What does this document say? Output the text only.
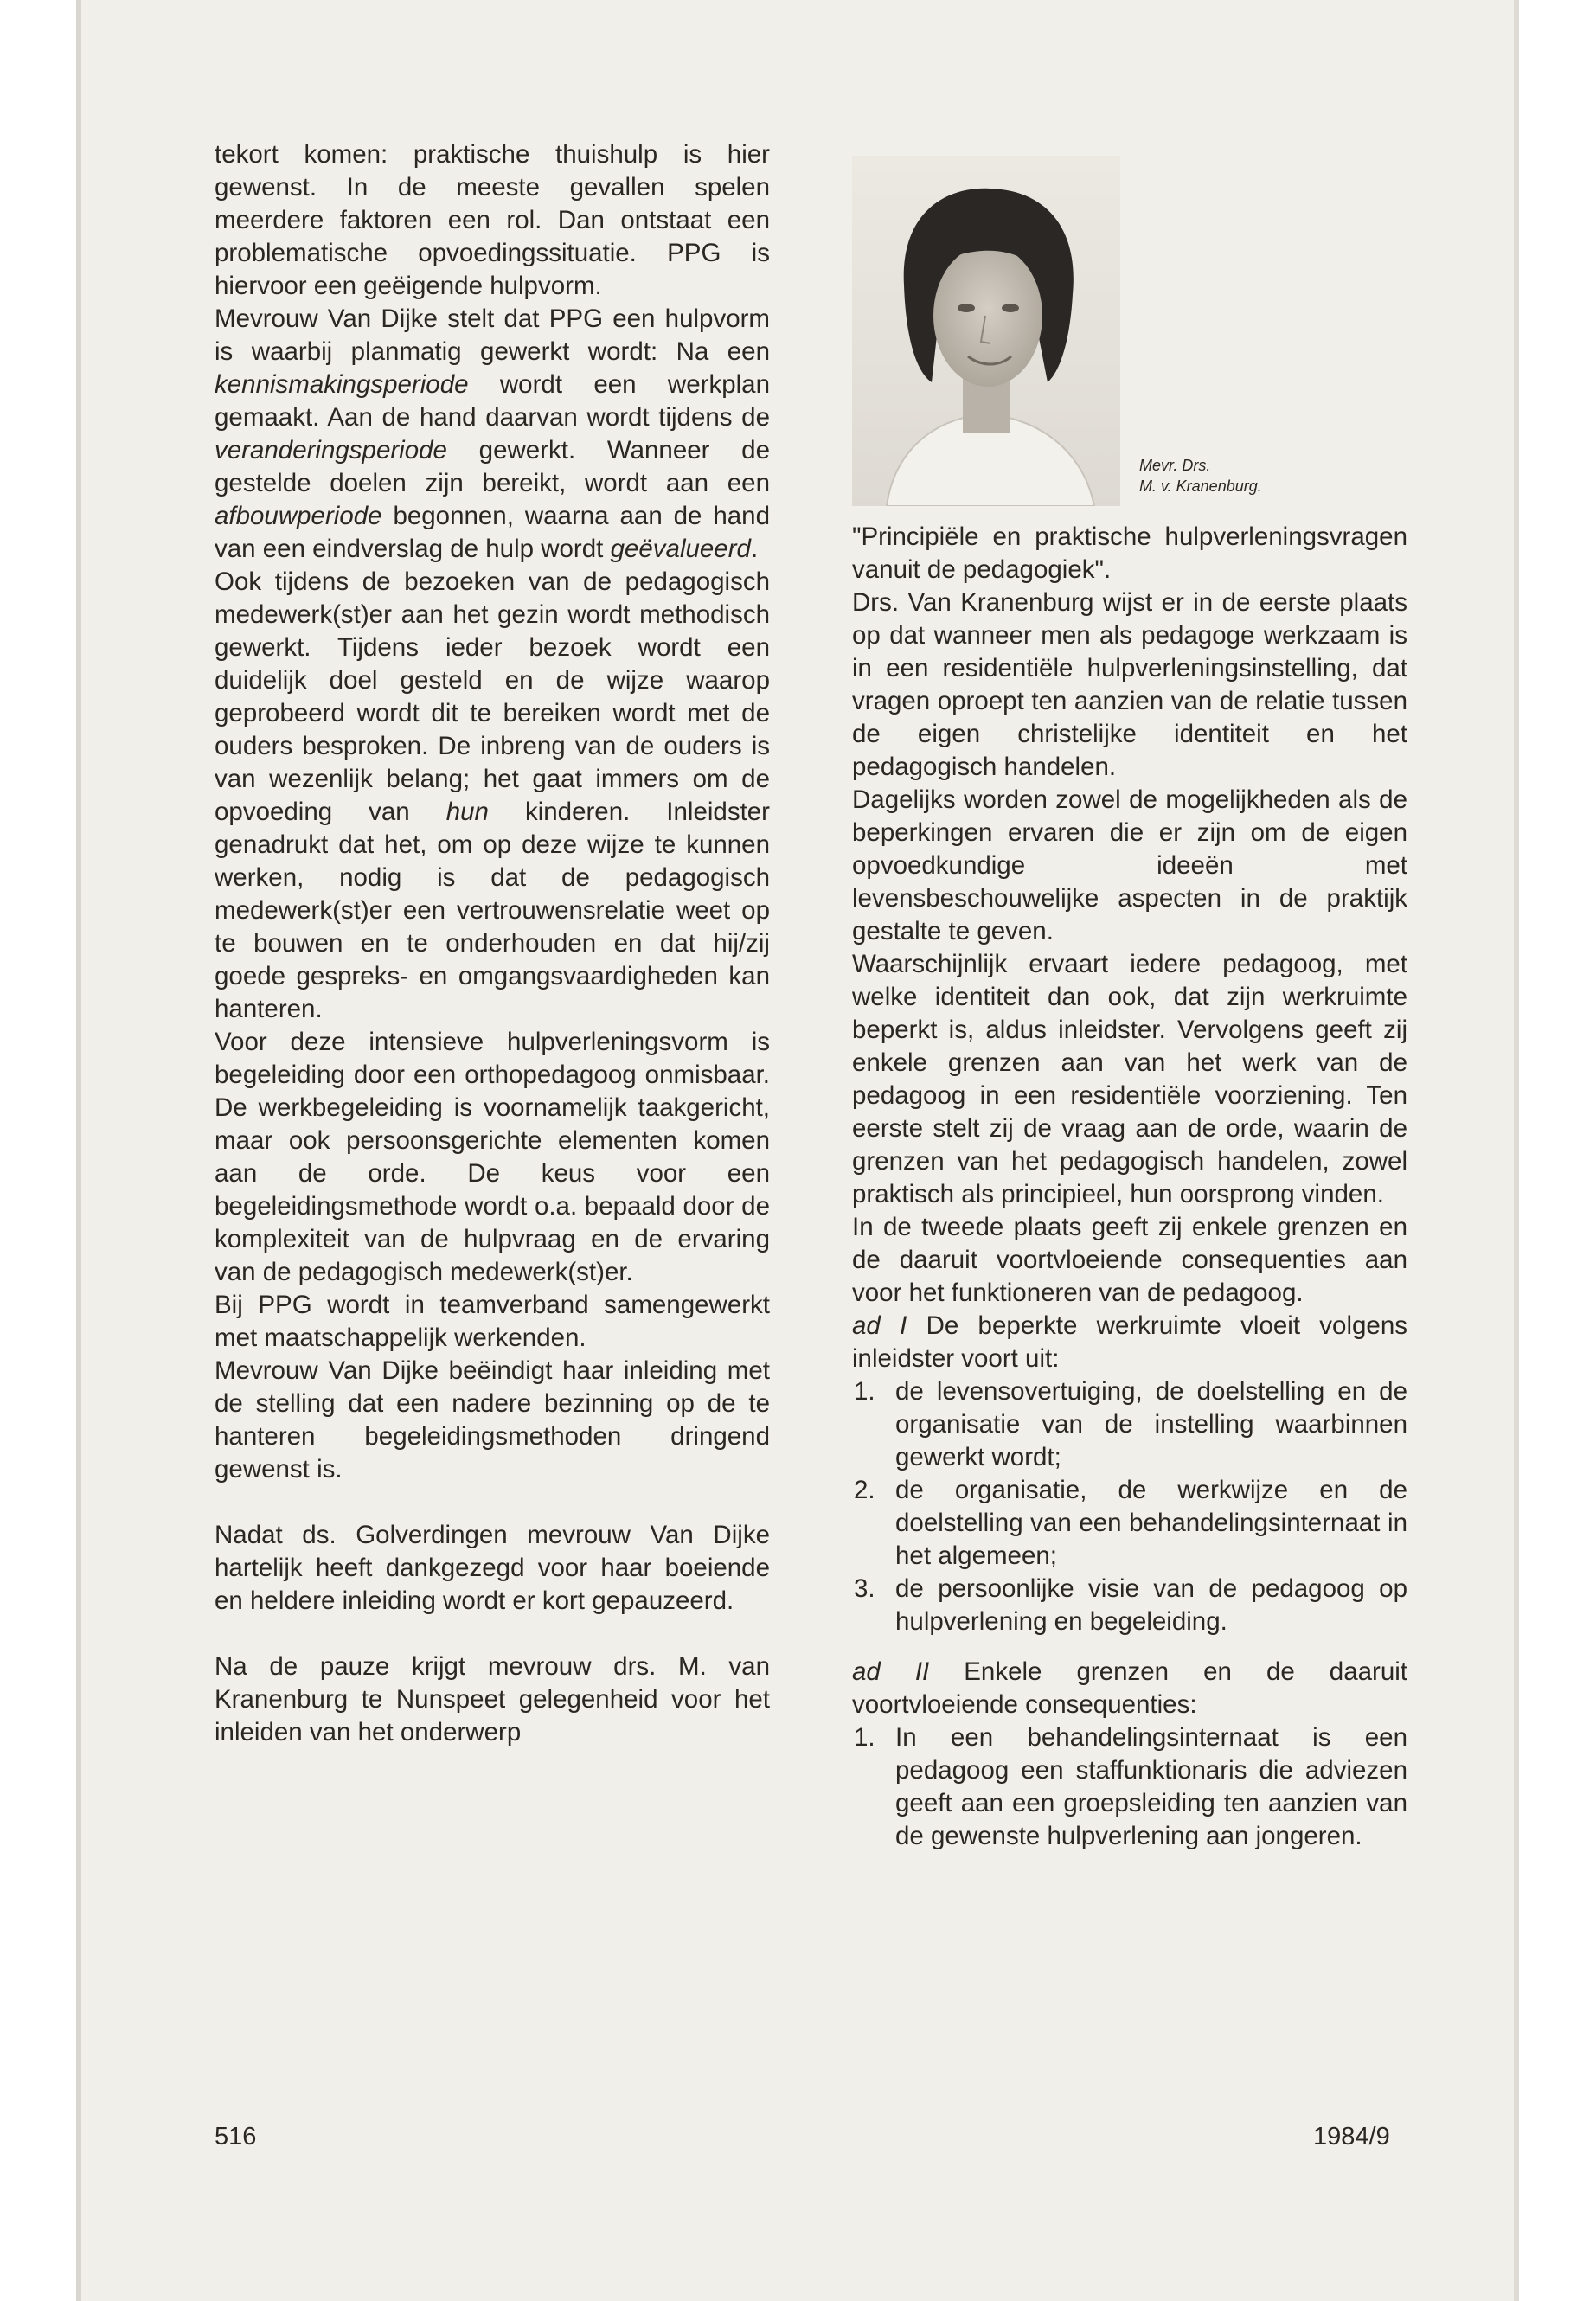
tekort komen: praktische thuishulp is hier gewenst. In de meeste gevallen spelen meerdere faktoren een rol. Dan ontstaat een problematische opvoedingssituatie. PPG is hiervoor een geëigende hulpvorm.

Mevrouw Van Dijke stelt dat PPG een hulpvorm is waarbij planmatig gewerkt wordt: Na een kennismakingsperiode wordt een werkplan gemaakt. Aan de hand daarvan wordt tijdens de veranderingsperiode gewerkt. Wanneer de gestelde doelen zijn bereikt, wordt aan een afbouwperiode begonnen, waarna aan de hand van een eindverslag de hulp wordt geëvalueerd.

Ook tijdens de bezoeken van de pedagogisch medewerk(st)er aan het gezin wordt methodisch gewerkt. Tijdens ieder bezoek wordt een duidelijk doel gesteld en de wijze waarop geprobeerd wordt dit te bereiken wordt met de ouders besproken. De inbreng van de ouders is van wezenlijk belang; het gaat immers om de opvoeding van hun kinderen. Inleidster genadrukt dat het, om op deze wijze te kunnen werken, nodig is dat de pedagogisch medewerk(st)er een vertrouwensrelatie weet op te bouwen en te onderhouden en dat hij/zij goede gespreks- en omgangsvaardigheden kan hanteren.

Voor deze intensieve hulpverleningsvorm is begeleiding door een orthopedagoog onmisbaar. De werkbegeleiding is voornamelijk taakgericht, maar ook persoonsgerichte elementen komen aan de orde. De keus voor een begeleidingsmethode wordt o.a. bepaald door de komplexiteit van de hulpvraag en de ervaring van de pedagogisch medewerk(st)er.

Bij PPG wordt in teamverband samengewerkt met maatschappelijk werkenden.

Mevrouw Van Dijke beëindigt haar inleiding met de stelling dat een nadere bezinning op de te hanteren begeleidingsmethoden dringend gewenst is.

Nadat ds. Golverdingen mevrouw Van Dijke hartelijk heeft dankgezegd voor haar boeiende en heldere inleiding wordt er kort gepauzeerd.

Na de pauze krijgt mevrouw drs. M. van Kranenburg te Nunspeet gelegenheid voor het inleiden van het onderwerp

Mevr. Drs.
M. v. Kranenburg.

"Principiële en praktische hulpverleningsvragen vanuit de pedagogiek".

Drs. Van Kranenburg wijst er in de eerste plaats op dat wanneer men als pedagoge werkzaam is in een residentiële hulpverleningsinstelling, dat vragen oproept ten aanzien van de relatie tussen de eigen christelijke identiteit en het pedagogisch handelen.

Dagelijks worden zowel de mogelijkheden als de beperkingen ervaren die er zijn om de eigen opvoedkundige ideeën met levensbeschouwelijke aspecten in de praktijk gestalte te geven.

Waarschijnlijk ervaart iedere pedagoog, met welke identiteit dan ook, dat zijn werkruimte beperkt is, aldus inleidster. Vervolgens geeft zij enkele grenzen aan van het werk van de pedagoog in een residentiële voorziening. Ten eerste stelt zij de vraag aan de orde, waarin de grenzen van het pedagogisch handelen, zowel praktisch als principieel, hun oorsprong vinden.

In de tweede plaats geeft zij enkele grenzen en de daaruit voortvloeiende consequenties aan voor het funktioneren van de pedagoog.

ad I De beperkte werkruimte vloeit volgens inleidster voort uit:

1. de levensovertuiging, de doelstelling en de organisatie van de instelling waarbinnen gewerkt wordt;
2. de organisatie, de werkwijze en de doelstelling van een behandelingsinternaat in het algemeen;
3. de persoonlijke visie van de pedagoog op hulpverlening en begeleiding.

ad II Enkele grenzen en de daaruit voortvloeiende consequenties:

1. In een behandelingsinternaat is een pedagoog een staffunktionaris die adviezen geeft aan een groepsleiding ten aanzien van de gewenste hulpverlening aan jongeren.
516	1984/9
